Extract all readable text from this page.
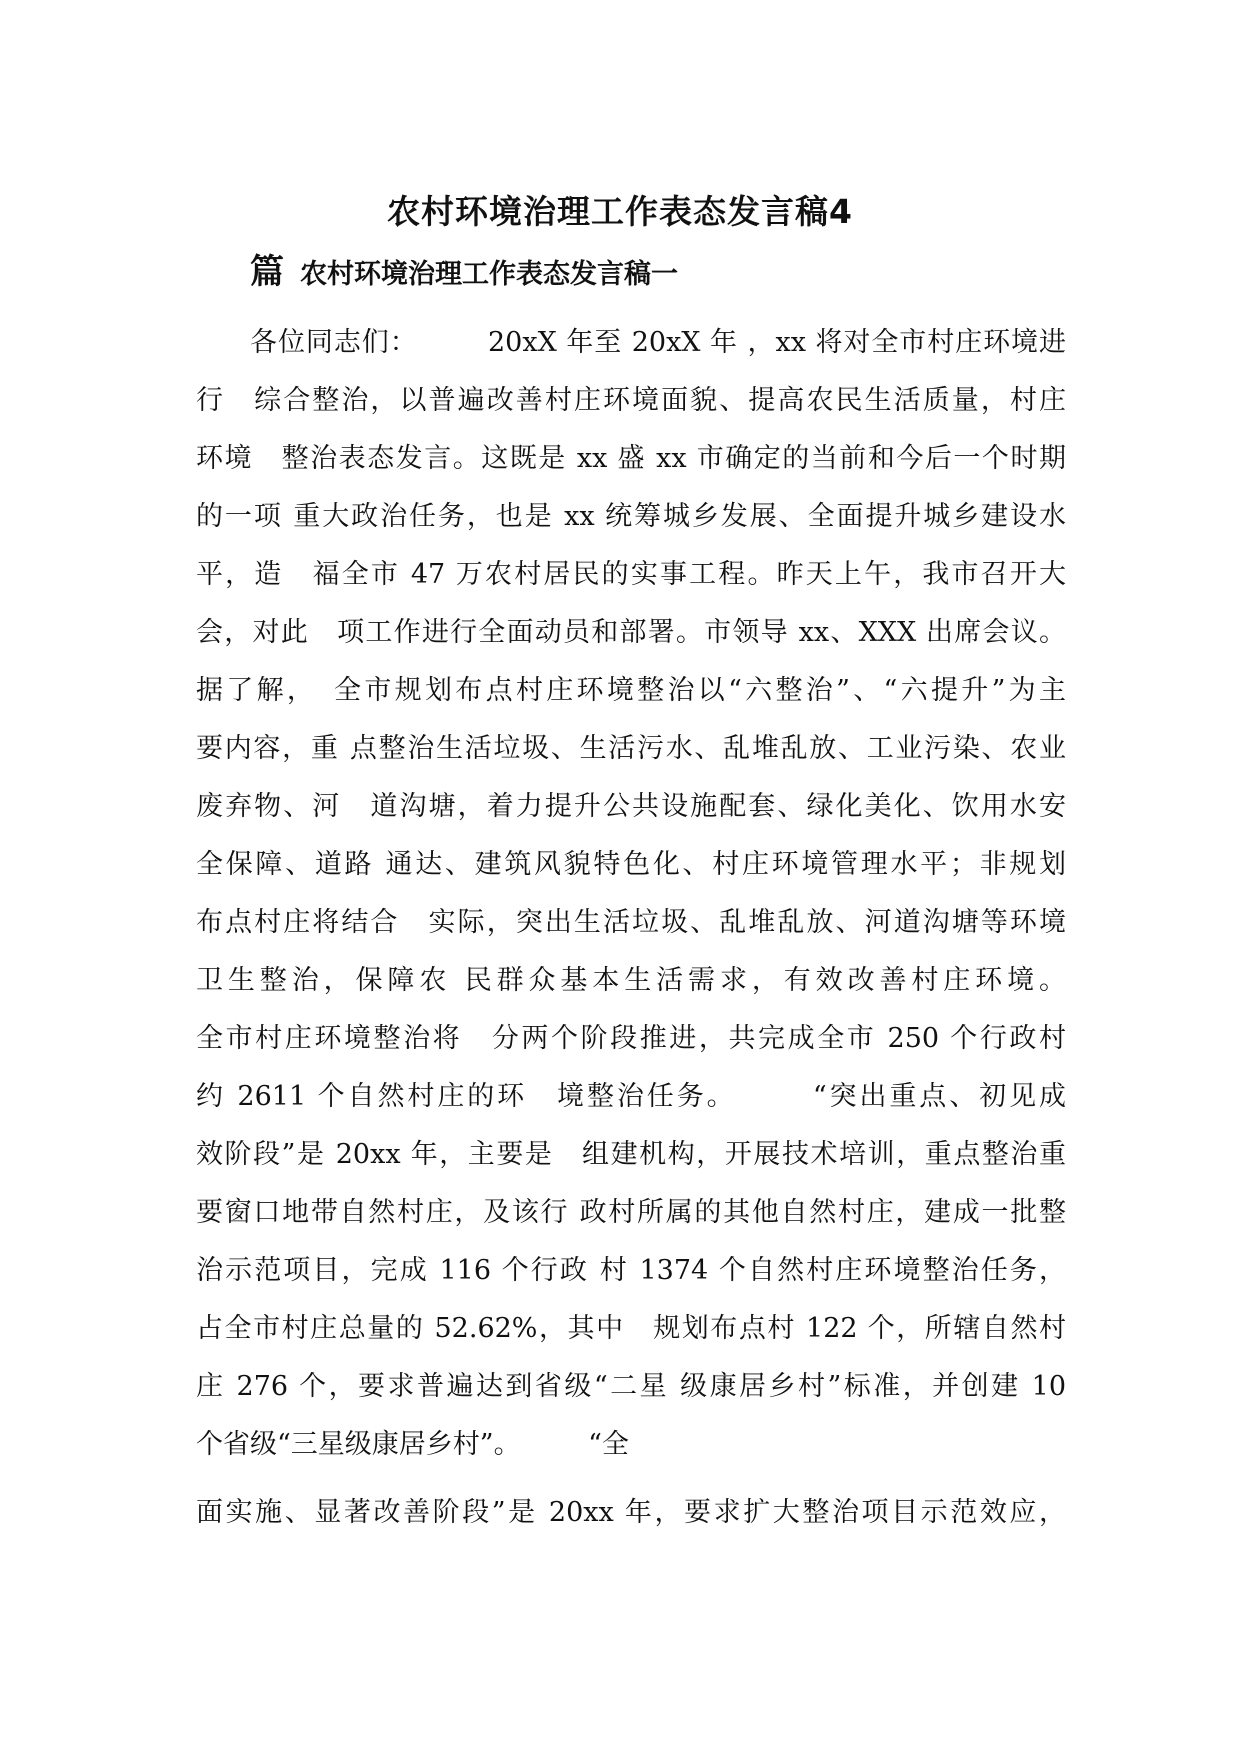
农村环境治理工作表态发言稿4
篇 农村环境治理工作表态发言稿一
各位同志们：　　　20xX 年至 20xX 年 ，xx 将对全市村庄环境进
行　综合整治，以普遍改善村庄环境面貌、提高农民生活质量，村庄
环境　整治表态发言。这既是 xx 盛 xx 市确定的当前和今后一个时期
的一项 重大政治任务，也是 xx 统筹城乡发展、全面提升城乡建设水
平，造　福全市 47 万农村居民的实事工程。昨天上午，我市召开大
会，对此　项工作进行全面动员和部署。市领导 xx、XXX 出席会议。
据了解，　全市规划布点村庄环境整治以“六整治”、“六提升”为主
要内容，重 点整治生活垃圾、生活污水、乱堆乱放、工业污染、农业
废弃物、河　道沟塘，着力提升公共设施配套、绿化美化、饮用水安
全保障、道路 通达、建筑风貌特色化、村庄环境管理水平；非规划
布点村庄将结合　实际，突出生活垃圾、乱堆乱放、河道沟塘等环境
卫生整治，保障农 民群众基本生活需求，有效改善村庄环境。
全市村庄环境整治将　分两个阶段推进，共完成全市 250 个行政村
约 2611 个自然村庄的环　境整治任务。　　　“突出重点、初见成
效阶段”是 20xx 年，主要是　组建机构，开展技术培训，重点整治重
要窗口地带自然村庄，及该行 政村所属的其他自然村庄，建成一批整
治示范项目，完成 116 个行政 村 1374 个自然村庄环境整治任务，
占全市村庄总量的 52.62%，其中　规划布点村 122 个，所辖自然村
庄 276 个，要求普遍达到省级“二星 级康居乡村”标准，并创建 10
个省级“三星级康居乡村”。　　　“全
面实施、显著改善阶段”是 20xx 年，要求扩大整治项目示范效应，
